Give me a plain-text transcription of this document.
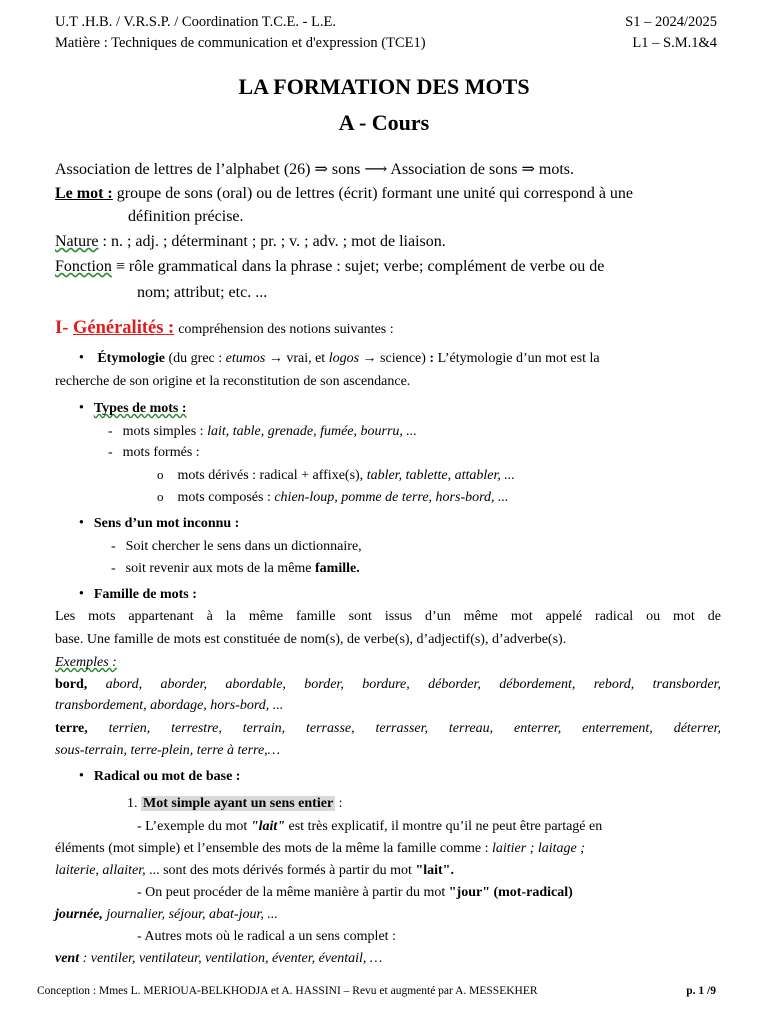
U.T .H.B. / V.R.S.P. / Coordination T.C.E. - L.E.
Matière : Techniques de communication et d'expression (TCE1)
S1 – 2024/2025
L1 – S.M.1&4
LA FORMATION DES MOTS
A - Cours
Association de lettres de l’alphabet (26) ⇒ sons ⟶ Association de sons ⇒ mots.
Le mot : groupe de sons (oral) ou de lettres (écrit) formant une unité qui correspond à une
définition précise.
Nature : n. ; adj. ; déterminant ; pr. ; v. ; adv. ; mot de liaison.
Fonction ≡ rôle grammatical dans la phrase : sujet; verbe; complément de verbe ou de
nom; attribut; etc. ...
I- Généralités : compréhension des notions suivantes :
● Étymologie (du grec : etumos → vrai, et logos → science) : L’étymologie d’un mot est la
recherche de son origine et la reconstitution de son ascendance.
● Types de mots :
- mots simples : lait, table, grenade, fumée, bourru, ...
- mots formés :
o mots dérivés : radical + affixe(s), tabler, tablette, attabler, ...
o mots composés : chien-loup, pomme de terre, hors-bord, ...
● Sens d’un mot inconnu :
- Soit chercher le sens dans un dictionnaire,
- soit revenir aux mots de la même famille.
● Famille de mots :
Les mots appartenant à la même famille sont issus d’un même mot appelé radical ou mot de
base. Une famille de mots est constituée de nom(s), de verbe(s), d’adjectif(s), d’adverbe(s).
Exemples :
bord, abord, aborder, abordable, border, bordure, déborder, débordement, rebord, transborder,
transbordement, abordage, hors-bord, ...
terre, terrien, terrestre, terrain, terrasse, terrasser, terreau, enterrer, enterrement, déterrer,
sous-terrain, terre-plein, terre à terre,…
● Radical ou mot de base :
1. Mot simple ayant un sens entier :
- L’exemple du mot "lait" est très explicatif, il montre qu’il ne peut être partagé en
éléments (mot simple) et l’ensemble des mots de la même la famille comme : laitier ; laitage ;
laiterie, allaiter, ... sont des mots dérivés formés à partir du mot "lait".
- On peut procéder de la même manière à partir du mot "jour" (mot-radical)
journée, journalier, séjour, abat-jour, ...
- Autres mots où le radical a un sens complet :
vent : ventiler, ventilateur, ventilation, éventer, éventail, …
Conception : Mmes L. MERIOUA-BELKHODJA et A. HASSINI – Revu et augmenté par A. MESSEKHER	p. 1 /9
